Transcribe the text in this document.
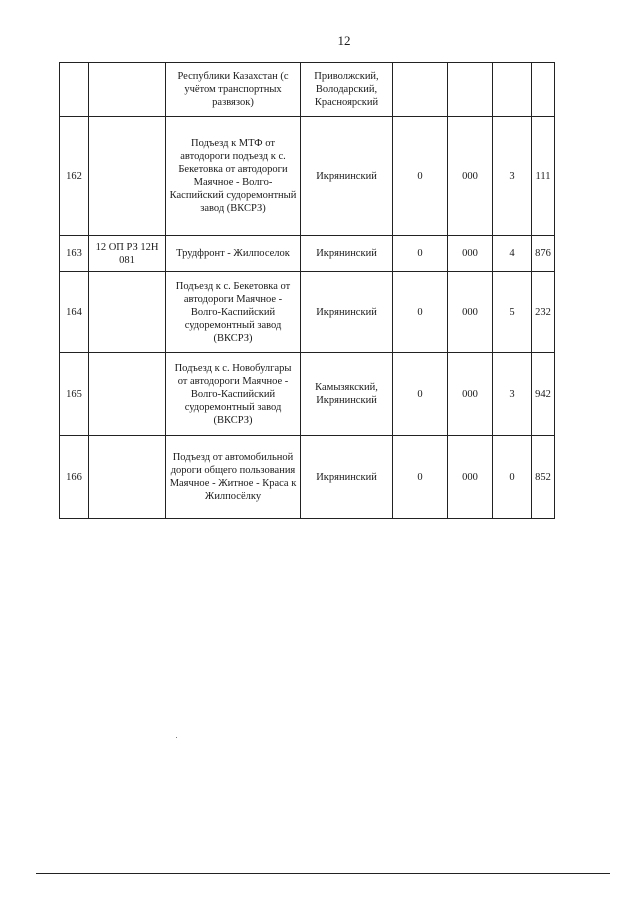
12
		Республики Казахстан (с учётом транспортных развязок)	Приволжский, Володарский, Красноярский				
162		Подъезд к МТФ от автодороги подъезд к с. Бекетовка от автодороги Маячное - Волго-Каспийский судоремонтный завод (ВКСРЗ)	Икрянинский	0	000	3	111
163	12 ОП РЗ 12Н 081	Трудфронт - Жилпоселок	Икрянинский	0	000	4	876
164		Подъезд к с. Бекетовка от автодороги Маячное - Волго-Каспийский судоремонтный завод (ВКСРЗ)	Икрянинский	0	000	5	232
165		Подъезд к с. Новобулгары от автодороги Маячное - Волго-Каспийский судоремонтный завод (ВКСРЗ)	Камызякский, Икрянинский	0	000	3	942
166		Подъезд от автомобильной дороги общего пользования Маячное - Житное - Краса к Жилпосёлку	Икрянинский	0	000	0	852
